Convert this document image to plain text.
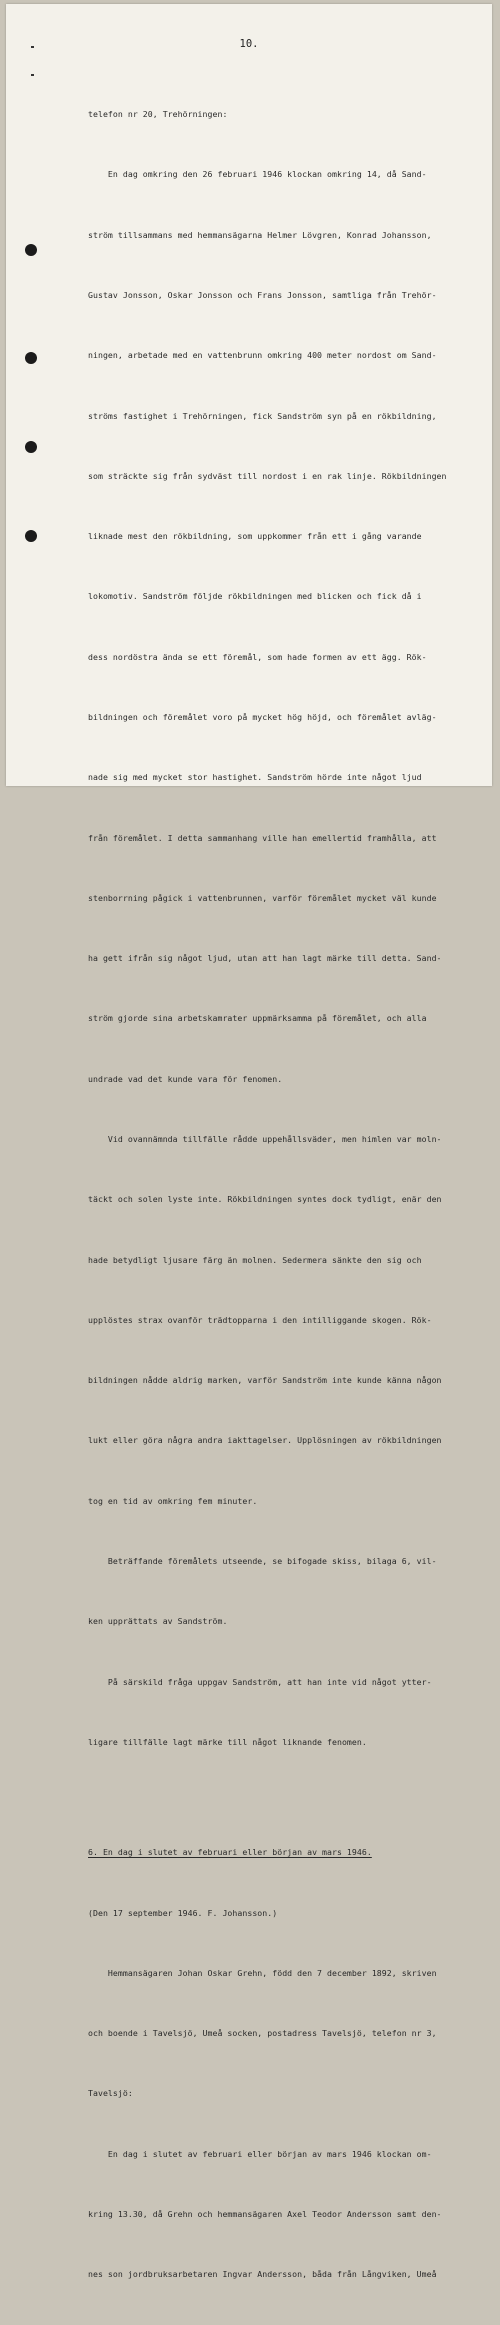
10.

telefon nr 20, Trehörningen:

En dag omkring den 26 februari 1946 klockan omkring 14, då Sand-

ström tillsammans med hemmansägarna Helmer Lövgren, Konrad Johansson,

Gustav Jonsson, Oskar Jonsson och Frans Jonsson, samtliga från Trehör-

ningen, arbetade med en vattenbrunn omkring 400 meter nordost om Sand-

ströms fastighet i Trehörningen, fick Sandström syn på en rökbildning,

som sträckte sig från sydväst till nordost i en rak linje. Rökbildningen

liknade mest den rökbildning, som uppkommer från ett i gång varande

lokomotiv. Sandström följde rökbildningen med blicken och fick då i

dess nordöstra ända se ett föremål, som hade formen av ett ägg. Rök-

bildningen och föremålet voro på mycket hög höjd, och föremålet avläg-

nade sig med mycket stor hastighet. Sandström hörde inte något ljud

från föremålet. I detta sammanhang ville han emellertid framhålla, att

stenborrning pågick i vattenbrunnen, varför föremålet mycket väl kunde

ha gett ifrån sig något ljud, utan att han lagt märke till detta. Sand-

ström gjorde sina arbetskamrater uppmärksamma på föremålet, och alla

undrade vad det kunde vara för fenomen.

Vid ovannämnda tillfälle rådde uppehållsväder, men himlen var moln-

täckt och solen lyste inte. Rökbildningen syntes dock tydligt, enär den

hade betydligt ljusare färg än molnen. Sedermera sänkte den sig och

upplöstes strax ovanför trädtopparna i den intilliggande skogen. Rök-

bildningen nådde aldrig marken, varför Sandström inte kunde känna någon

lukt eller göra några andra iakttagelser. Upplösningen av rökbildningen

tog en tid av omkring fem minuter.

Beträffande föremålets utseende, se bifogade skiss, bilaga 6, vil-

ken upprättats av Sandström.

På särskild fråga uppgav Sandström, att han inte vid något ytter-

ligare tillfälle lagt märke till något liknande fenomen.

6. En dag i slutet av februari eller början av mars 1946.

(Den 17 september 1946. F. Johansson.)

Hemmansägaren Johan Oskar Grehn, född den 7 december 1892, skriven

och boende i Tavelsjö, Umeå socken, postadress Tavelsjö, telefon nr 3,

Tavelsjö:

En dag i slutet av februari eller början av mars 1946 klockan om-

kring 13.30, då Grehn och hemmansägaren Axel Teodor Andersson samt den-

nes son jordbruksarbetaren Ingvar Andersson, båda från Långviken, Umeå
